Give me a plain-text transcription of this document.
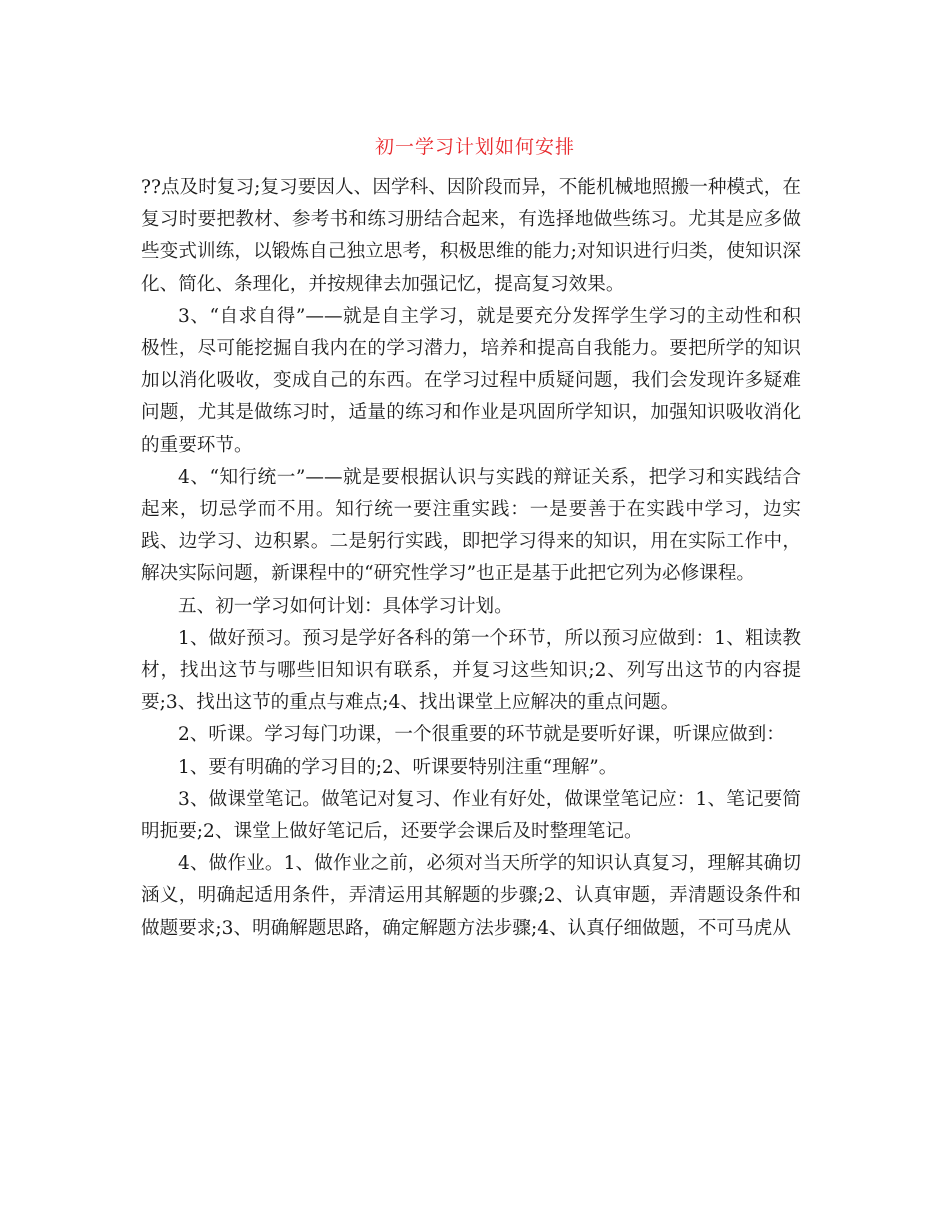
初一学习计划如何安排

??点及时复习;复习要因人、因学科、因阶段而异，不能机械地照搬一种模式，在复习时要把教材、参考书和练习册结合起来，有选择地做些练习。尤其是应多做些变式训练，以锻炼自己独立思考，积极思维的能力;对知识进行归类，使知识深化、简化、条理化，并按规律去加强记忆，提高复习效果。

3、“自求自得”——就是自主学习，就是要充分发挥学生学习的主动性和积极性，尽可能挖掘自我内在的学习潜力，培养和提高自我能力。要把所学的知识加以消化吸收，变成自己的东西。在学习过程中质疑问题，我们会发现许多疑难问题，尤其是做练习时，适量的练习和作业是巩固所学知识，加强知识吸收消化的重要环节。

4、“知行统一”——就是要根据认识与实践的辩证关系，把学习和实践结合起来，切忌学而不用。知行统一要注重实践：一是要善于在实践中学习，边实践、边学习、边积累。二是躬行实践，即把学习得来的知识，用在实际工作中，解决实际问题，新课程中的“研究性学习”也正是基于此把它列为必修课程。

五、初一学习如何计划：具体学习计划。

1、做好预习。预习是学好各科的第一个环节，所以预习应做到：1、粗读教材，找出这节与哪些旧知识有联系，并复习这些知识;2、列写出这节的内容提要;3、找出这节的重点与难点;4、找出课堂上应解决的重点问题。

2、听课。学习每门功课，一个很重要的环节就是要听好课，听课应做到：

1、要有明确的学习目的;2、听课要特别注重“理解”。

3、做课堂笔记。做笔记对复习、作业有好处，做课堂笔记应：1、笔记要简明扼要;2、课堂上做好笔记后，还要学会课后及时整理笔记。

4、做作业。1、做作业之前，必须对当天所学的知识认真复习，理解其确切涵义，明确起适用条件，弄清运用其解题的步骤;2、认真审题，弄清题设条件和做题要求;3、明确解题思路，确定解题方法步骤;4、认真仔细做题，不可马虎从
